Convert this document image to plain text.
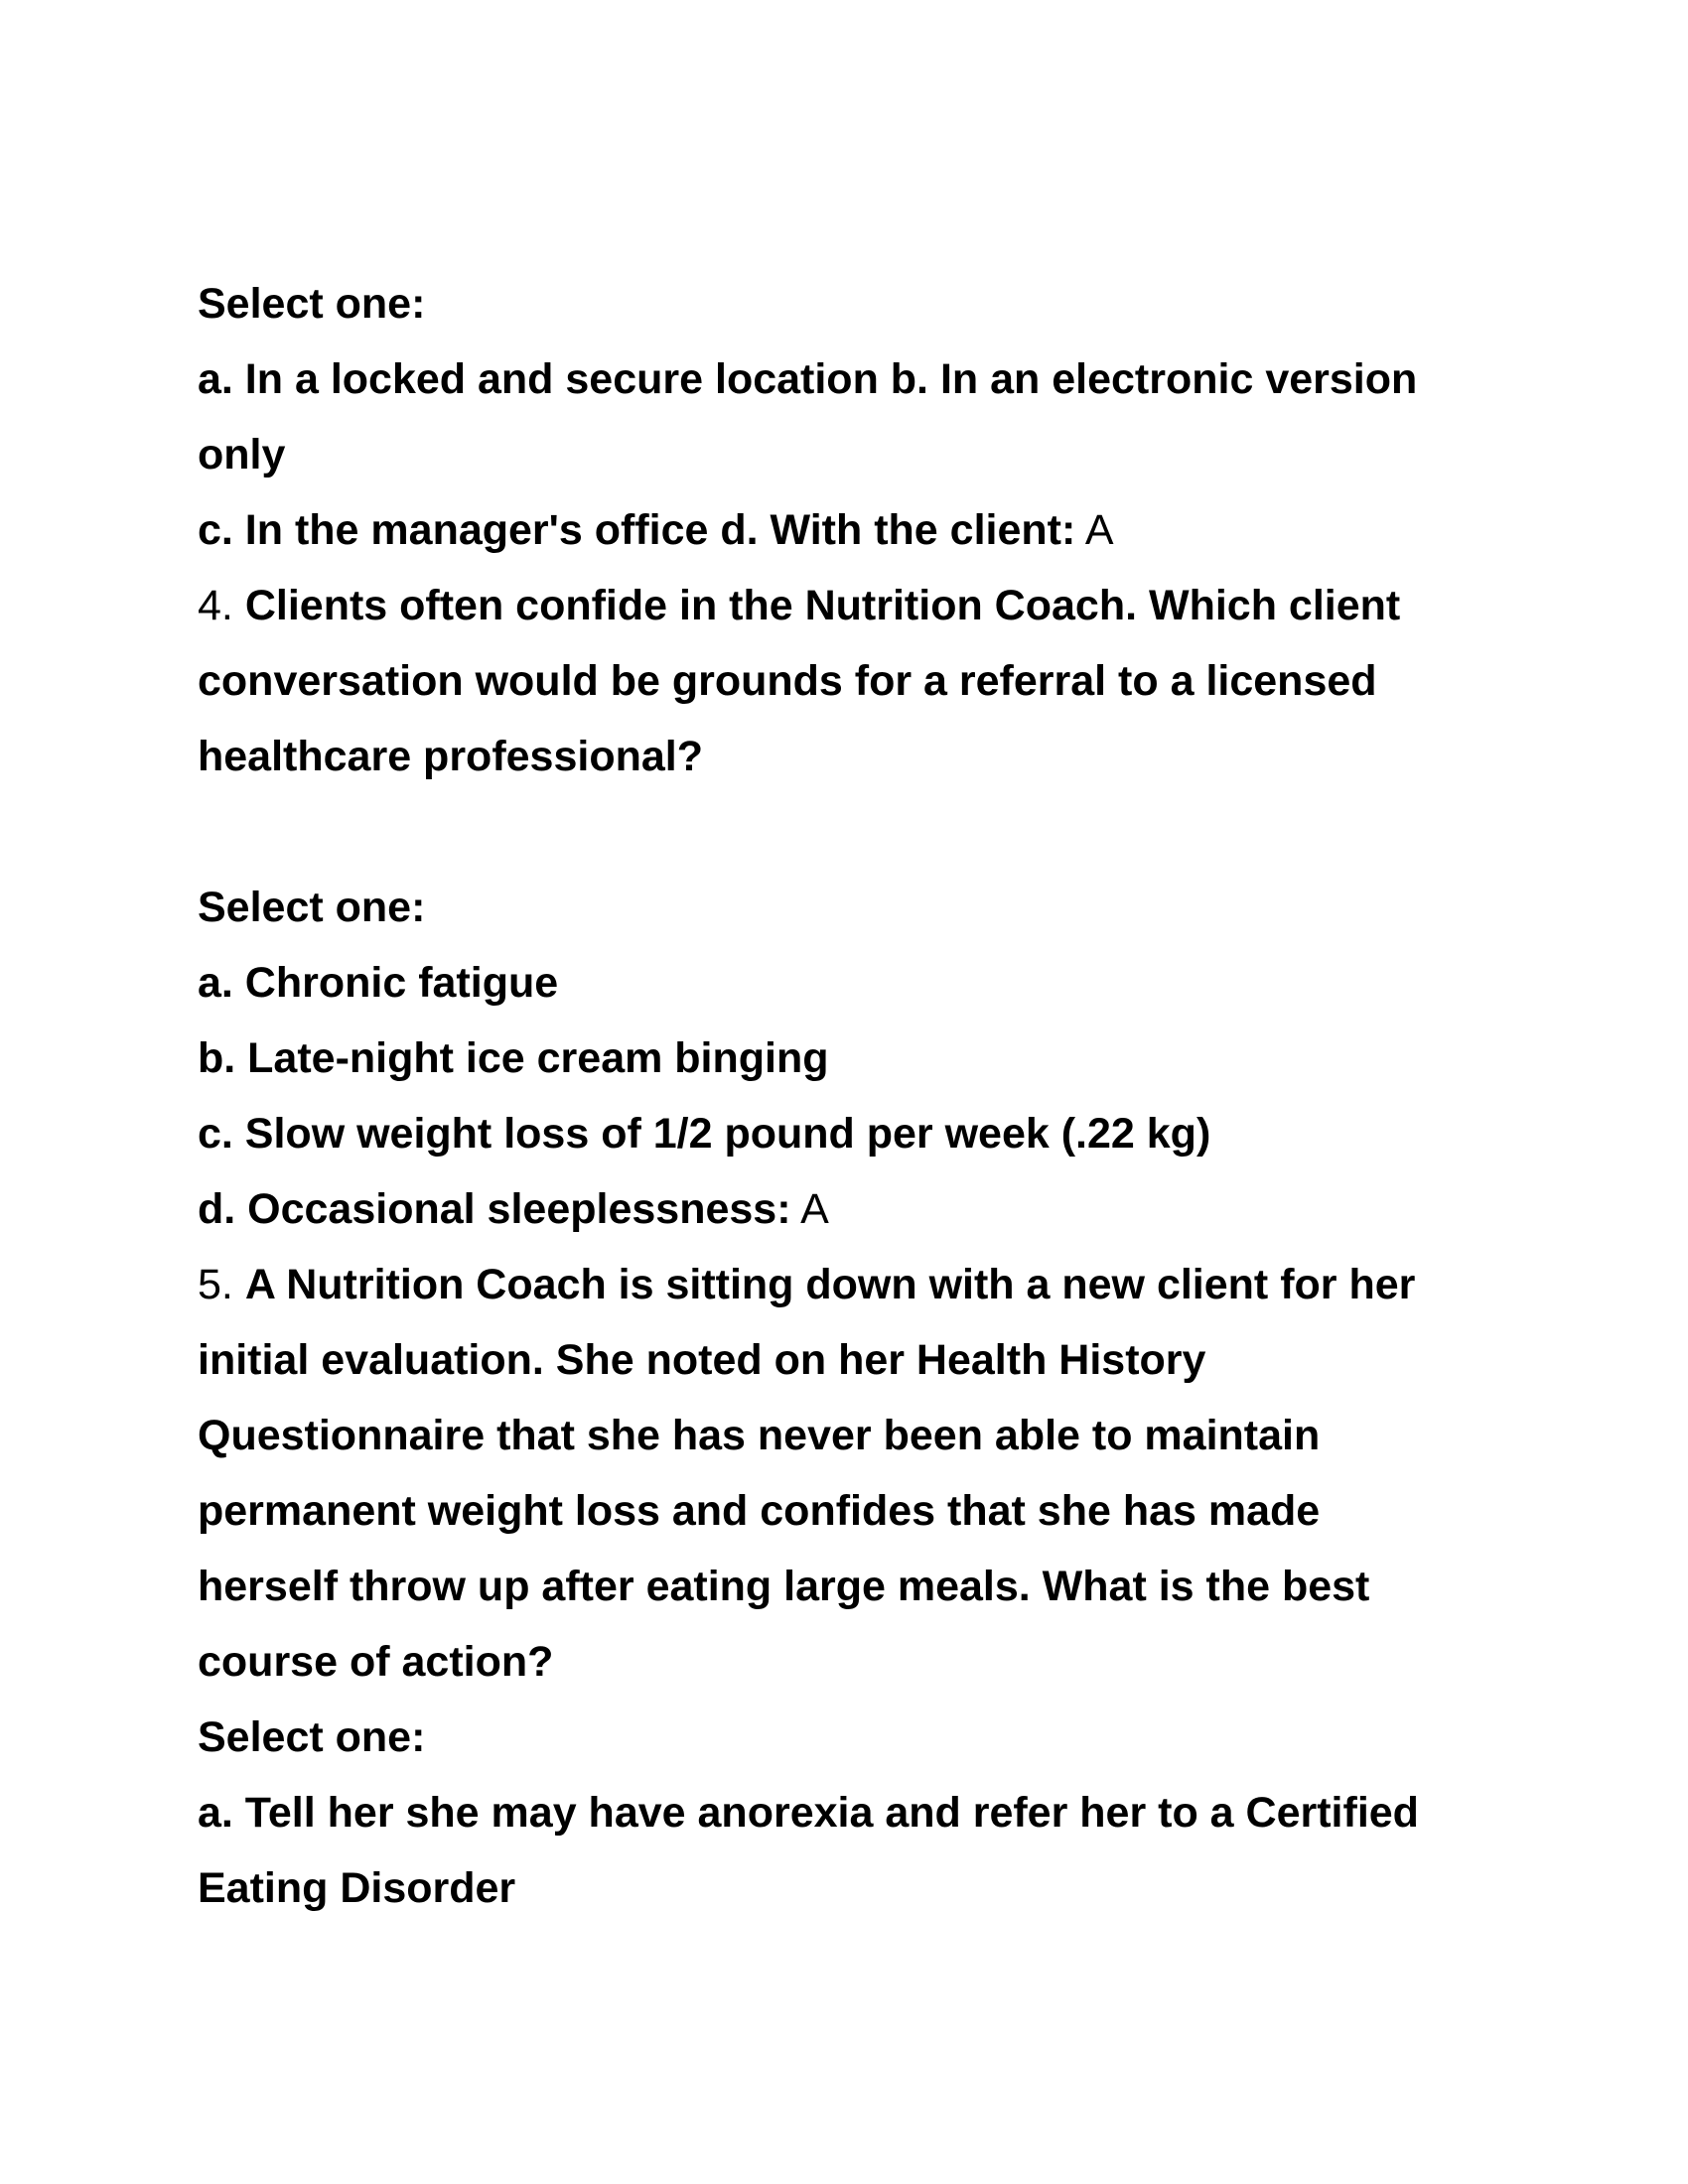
Select one:
a. In a locked and secure location b. In an electronic version
only
c. In the manager's office d. With the client: A
4. Clients often confide in the Nutrition Coach. Which client
conversation would be grounds for a referral to a licensed
healthcare professional?
Select one:
a. Chronic fatigue
b. Late-night ice cream binging
c. Slow weight loss of 1/2 pound per week (.22 kg)
d. Occasional sleeplessness: A
5. A Nutrition Coach is sitting down with a new client for her
initial evaluation. She noted on her Health History
Questionnaire that she has never been able to maintain
permanent weight loss and confides that she has made
herself throw up after eating large meals. What is the best
course of action?
Select one:
a. Tell her she may have anorexia and refer her to a Certified
Eating Disorder
